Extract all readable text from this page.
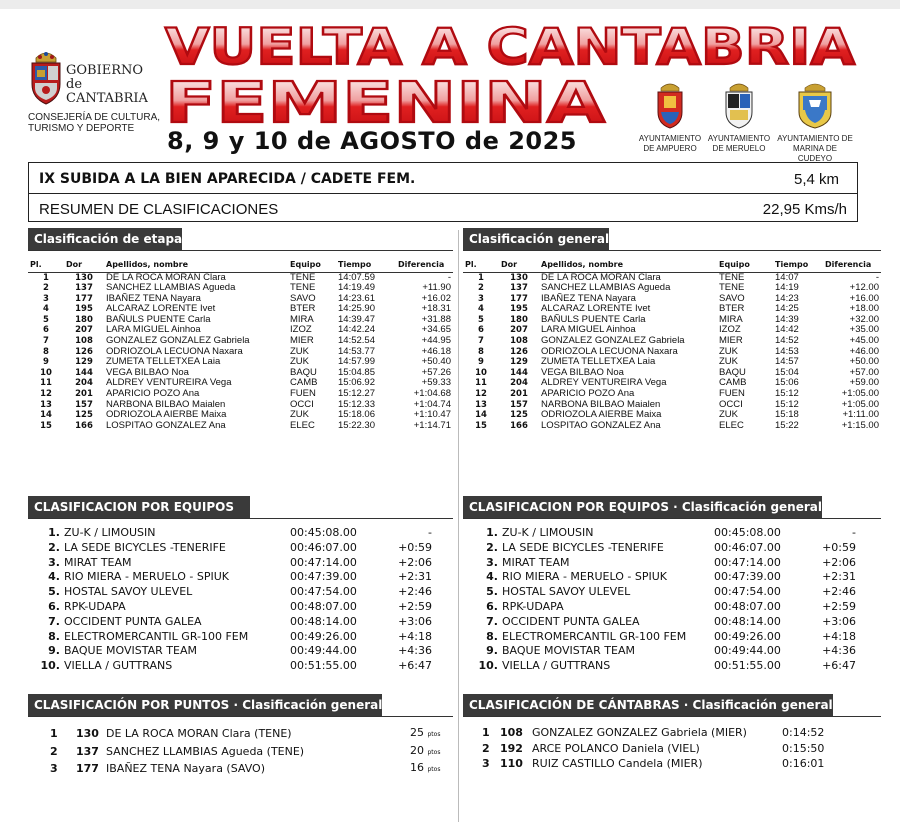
GOBIERNO
de
CANTABRIA
CONSEJERÍA DE CULTURA,
TURISMO Y DEPORTE
VUELTA A CANTABRIA
FEMENINA
8, 9 y 10 de AGOSTO de 2025	AYUNTAMIENTO
DE AMPUERO
AYUNTAMIENTO
DE MERUELO
AYUNTAMIENTO DE
MARINA DE CUDEYO
IX SUBIDA A LA BIEN APARECIDA / CADETE FEM.	5,4 km
RESUMEN DE CLASIFICACIONES	22,95 Kms/h
Clasificación de etapa
Pl.	Dor	Apellidos, nombre	Equipo	Tiempo	Diferencia
1	130	DE LA ROCA MORAN Clara	TENE	14:07.59	-
2	137	SANCHEZ LLAMBIAS Agueda	TENE	14:19.49	+11.90
3	177	IBAÑEZ TENA Nayara	SAVO	14:23.61	+16.02
4	195	ALCARAZ LORENTE Ivet	BTER	14:25.90	+18.31
5	180	BAÑULS PUENTE Carla	MIRA	14:39.47	+31.88
6	207	LARA MIGUEL Ainhoa	IZOZ	14:42.24	+34.65
7	108	GONZALEZ GONZALEZ Gabriela	MIER	14:52.54	+44.95
8	126	ODRIOZOLA LECUONA Naxara	ZUK	14:53.77	+46.18
9	129	ZUMETA TELLETXEA Laia	ZUK	14:57.99	+50.40
10	144	VEGA BILBAO Noa	BAQU	15:04.85	+57.26
11	204	ALDREY VENTUREIRA Vega	CAMB	15:06.92	+59.33
12	201	APARICIO POZO Ana	FUEN	15:12.27	+1:04.68
13	157	NARBONA BILBAO Maialen	OCCI	15:12.33	+1:04.74
14	125	ODRIOZOLA AIERBE Maixa	ZUK	15:18.06	+1:10.47
15	166	LOSPITAO GONZALEZ Ana	ELEC	15:22.30	+1:14.71
Clasificación general
Pl.	Dor	Apellidos, nombre	Equipo	Tiempo	Diferencia
1	130	DE LA ROCA MORAN Clara	TENE	14:07	-
2	137	SANCHEZ LLAMBIAS Agueda	TENE	14:19	+12.00
3	177	IBAÑEZ TENA Nayara	SAVO	14:23	+16.00
4	195	ALCARAZ LORENTE Ivet	BTER	14:25	+18.00
5	180	BAÑULS PUENTE Carla	MIRA	14:39	+32.00
6	207	LARA MIGUEL Ainhoa	IZOZ	14:42	+35.00
7	108	GONZALEZ GONZALEZ Gabriela	MIER	14:52	+45.00
8	126	ODRIOZOLA LECUONA Naxara	ZUK	14:53	+46.00
9	129	ZUMETA TELLETXEA Laia	ZUK	14:57	+50.00
10	144	VEGA BILBAO Noa	BAQU	15:04	+57.00
11	204	ALDREY VENTUREIRA Vega	CAMB	15:06	+59.00
12	201	APARICIO POZO Ana	FUEN	15:12	+1:05.00
13	157	NARBONA BILBAO Maialen	OCCI	15:12	+1:05.00
14	125	ODRIOZOLA AIERBE Maixa	ZUK	15:18	+1:11.00
15	166	LOSPITAO GONZALEZ Ana	ELEC	15:22	+1:15.00
CLASIFICACION POR EQUIPOS
1.	ZU-K / LIMOUSIN	00:45:08.00	-
2.	LA SEDE BICYCLES -TENERIFE	00:46:07.00	+0:59
3.	MIRAT TEAM	00:47:14.00	+2:06
4.	RIO MIERA - MERUELO - SPIUK	00:47:39.00	+2:31
5.	HOSTAL SAVOY ULEVEL	00:47:54.00	+2:46
6.	RPK-UDAPA	00:48:07.00	+2:59
7.	OCCIDENT PUNTA GALEA	00:48:14.00	+3:06
8.	ELECTROMERCANTIL GR-100 FEM	00:49:26.00	+4:18
9.	BAQUE MOVISTAR TEAM	00:49:44.00	+4:36
10.	VIELLA / GUTTRANS	00:51:55.00	+6:47
CLASIFICACION POR EQUIPOS · Clasificación general
1.	ZU-K / LIMOUSIN	00:45:08.00	-
2.	LA SEDE BICYCLES -TENERIFE	00:46:07.00	+0:59
3.	MIRAT TEAM	00:47:14.00	+2:06
4.	RIO MIERA - MERUELO - SPIUK	00:47:39.00	+2:31
5.	HOSTAL SAVOY ULEVEL	00:47:54.00	+2:46
6.	RPK-UDAPA	00:48:07.00	+2:59
7.	OCCIDENT PUNTA GALEA	00:48:14.00	+3:06
8.	ELECTROMERCANTIL GR-100 FEM	00:49:26.00	+4:18
9.	BAQUE MOVISTAR TEAM	00:49:44.00	+4:36
10.	VIELLA / GUTTRANS	00:51:55.00	+6:47
CLASIFICACIÓN POR PUNTOS · Clasificación general
1	130	DE LA ROCA MORAN Clara (TENE)	25 ptos
2	137	SANCHEZ LLAMBIAS Agueda (TENE)	20 ptos
3	177	IBAÑEZ TENA Nayara (SAVO)	16 ptos
CLASIFICACIÓN DE CÁNTABRAS · Clasificación general
1	108	GONZALEZ GONZALEZ Gabriela (MIER)	0:14:52
2	192	ARCE POLANCO Daniela (VIEL)	0:15:50
3	110	RUIZ CASTILLO Candela (MIER)	0:16:01
